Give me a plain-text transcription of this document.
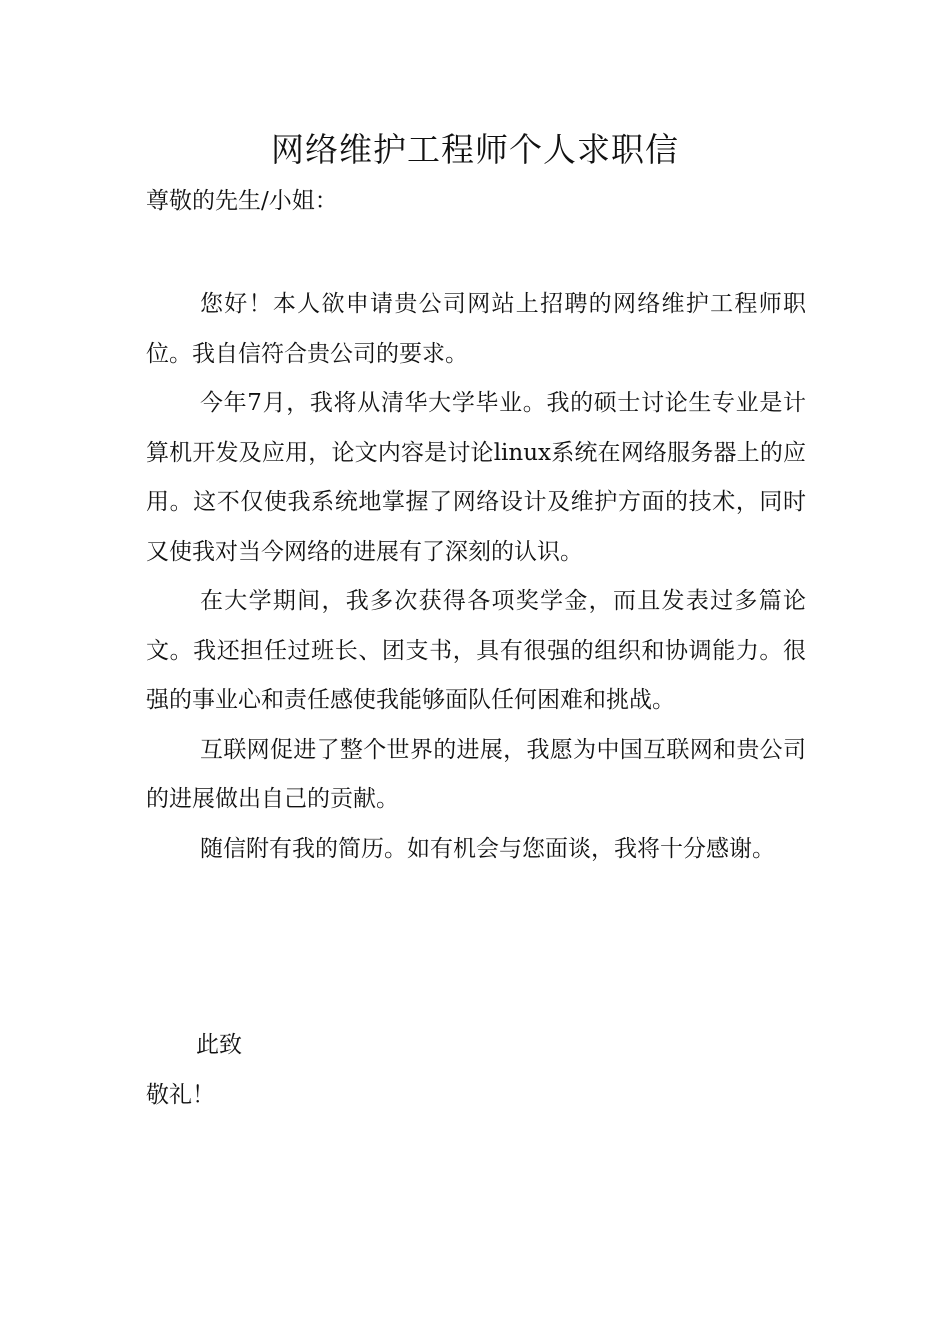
网络维护工程师个人求职信

尊敬的先生/小姐：

您好！本人欲申请贵公司网站上招聘的网络维护工程师职位。我自信符合贵公司的要求。

今年7月，我将从清华大学毕业。我的硕士讨论生专业是计算机开发及应用，论文内容是讨论linux系统在网络服务器上的应用。这不仅使我系统地掌握了网络设计及维护方面的技术，同时又使我对当今网络的进展有了深刻的认识。

在大学期间，我多次获得各项奖学金，而且发表过多篇论文。我还担任过班长、团支书，具有很强的组织和协调能力。很强的事业心和责任感使我能够面队任何困难和挑战。

互联网促进了整个世界的进展，我愿为中国互联网和贵公司的进展做出自己的贡献。

随信附有我的简历。如有机会与您面谈，我将十分感谢。

此致

敬礼！
